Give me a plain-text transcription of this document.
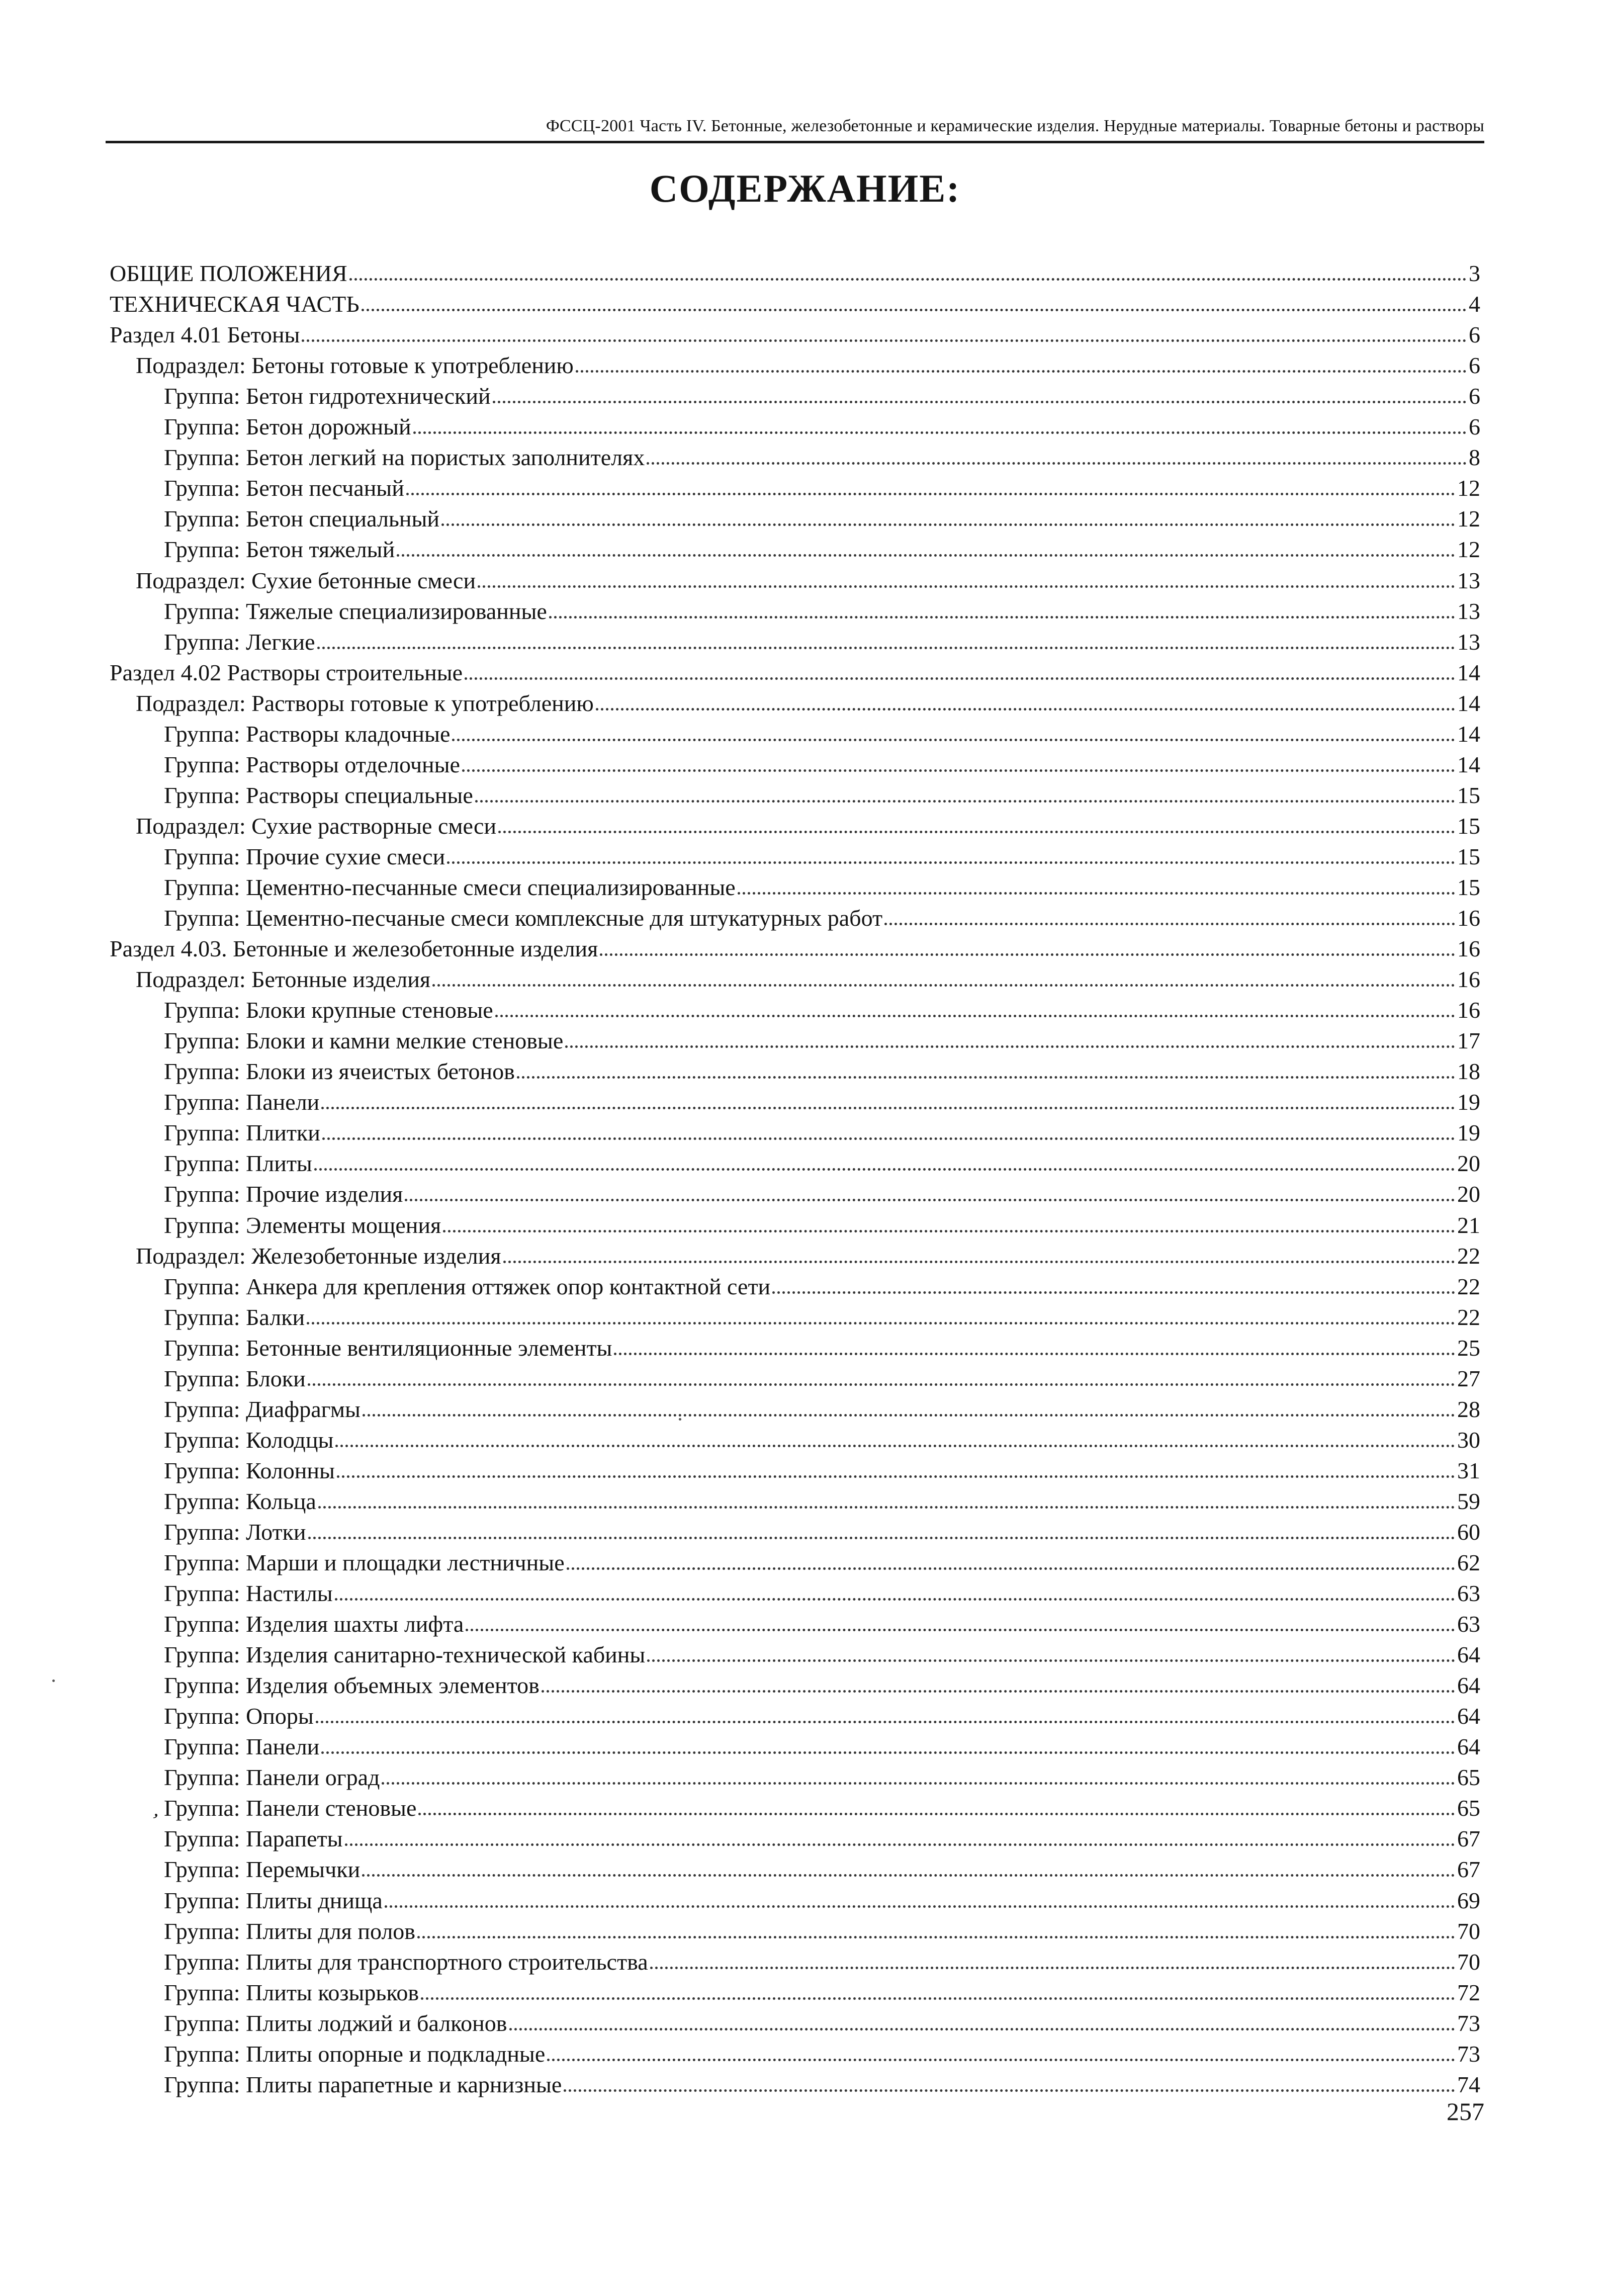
ФССЦ-2001 Часть IV. Бетонные, железобетонные и керамические изделия. Нерудные материалы. Товарные бетоны и растворы
СОДЕРЖАНИЕ:
ОБЩИЕ ПОЛОЖЕНИЯ	3
ТЕХНИЧЕСКАЯ ЧАСТЬ	4
Раздел 4.01 Бетоны	6
Подраздел: Бетоны готовые к употреблению	6
Группа: Бетон гидротехнический	6
Группа: Бетон дорожный	6
Группа: Бетон легкий на пористых заполнителях	8
Группа: Бетон песчаный	12
Группа: Бетон специальный	12
Группа: Бетон тяжелый	12
Подраздел: Сухие бетонные смеси	13
Группа: Тяжелые специализированные	13
Группа: Легкие	13
Раздел 4.02 Растворы строительные	14
Подраздел: Растворы готовые к употреблению	14
Группа: Растворы кладочные	14
Группа: Растворы отделочные	14
Группа: Растворы специальные	15
Подраздел: Сухие растворные смеси	15
Группа: Прочие сухие смеси	15
Группа: Цементно-песчанные смеси специализированные	15
Группа: Цементно-песчаные смеси комплексные для штукатурных работ	16
Раздел 4.03. Бетонные и железобетонные изделия	16
Подраздел: Бетонные изделия	16
Группа: Блоки крупные стеновые	16
Группа: Блоки и камни мелкие стеновые	17
Группа: Блоки из ячеистых бетонов	18
Группа: Панели	19
Группа: Плитки	19
Группа: Плиты	20
Группа: Прочие изделия	20
Группа: Элементы мощения	21
Подраздел: Железобетонные изделия	22
Группа: Анкера для крепления оттяжек опор контактной сети	22
Группа: Балки	22
Группа: Бетонные вентиляционные элементы	25
Группа: Блоки	27
Группа: Диафрагмы	28
Группа: Колодцы	30
Группа: Колонны	31
Группа: Кольца	59
Группа: Лотки	60
Группа: Марши и площадки лестничные	62
Группа: Настилы	63
Группа: Изделия шахты лифта	63
Группа: Изделия санитарно-технической кабины	64
Группа: Изделия объемных элементов	64
Группа: Опоры	64
Группа: Панели	64
Группа: Панели оград	65
Группа: Панели стеновые	65
Группа: Парапеты	67
Группа: Перемычки	67
Группа: Плиты днища	69
Группа: Плиты для полов	70
Группа: Плиты для транспортного строительства	70
Группа: Плиты козырьков	72
Группа: Плиты лоджий и балконов	73
Группа: Плиты опорные и подкладные	73
Группа: Плиты парапетные и карнизные	74
ʼ
257
